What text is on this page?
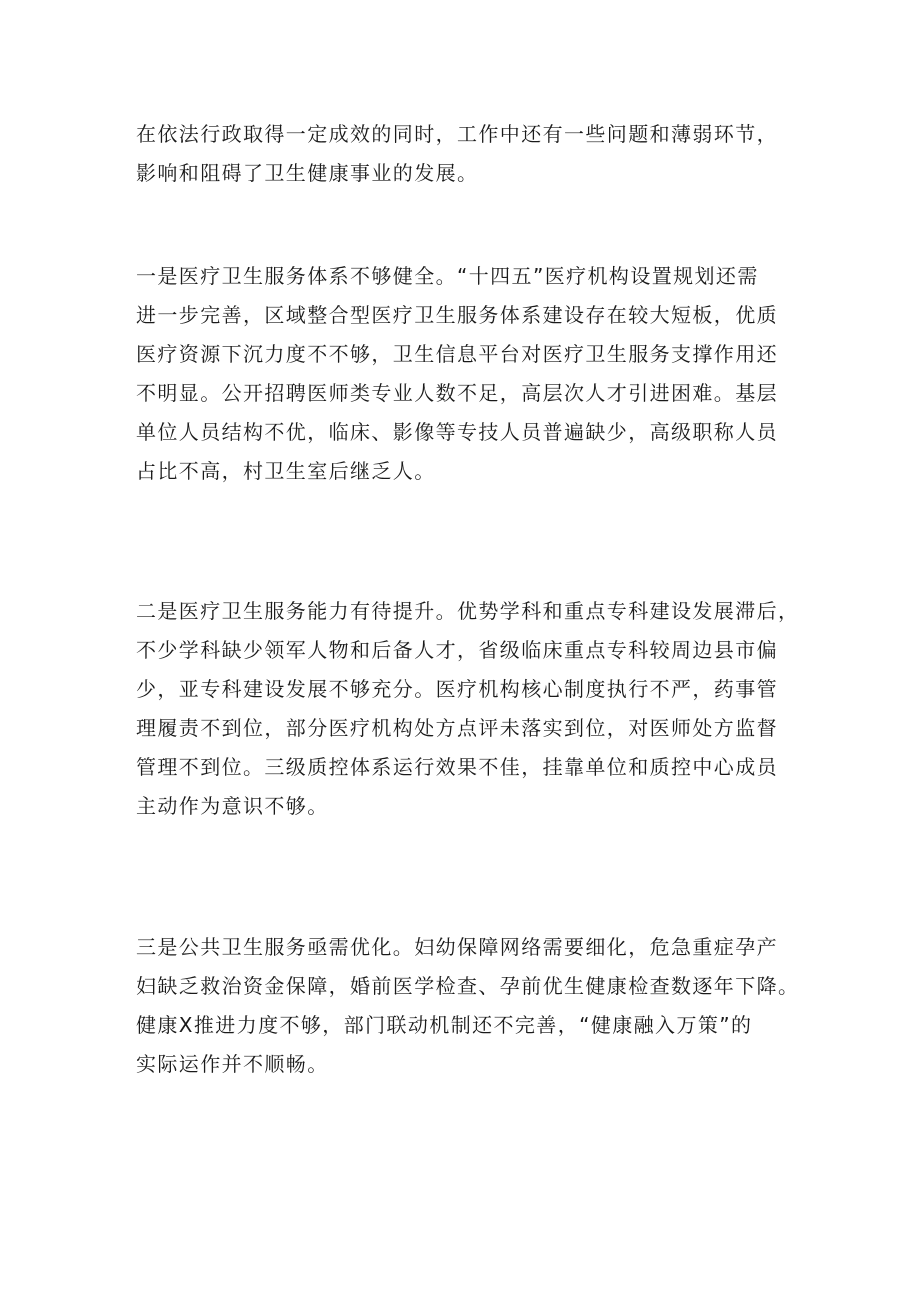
在依法行政取得一定成效的同时，工作中还有一些问题和薄弱环节，
影响和阻碍了卫生健康事业的发展。

一是医疗卫生服务体系不够健全。“十四五”医疗机构设置规划还需
进一步完善，区域整合型医疗卫生服务体系建设存在较大短板，优质
医疗资源下沉力度不不够，卫生信息平台对医疗卫生服务支撑作用还
不明显。公开招聘医师类专业人数不足，高层次人才引进困难。基层
单位人员结构不优，临床、影像等专技人员普遍缺少，高级职称人员
占比不高，村卫生室后继乏人。

二是医疗卫生服务能力有待提升。优势学科和重点专科建设发展滞后，
不少学科缺少领军人物和后备人才，省级临床重点专科较周边县市偏
少，亚专科建设发展不够充分。医疗机构核心制度执行不严，药事管
理履责不到位，部分医疗机构处方点评未落实到位，对医师处方监督
管理不到位。三级质控体系运行效果不佳，挂靠单位和质控中心成员
主动作为意识不够。

三是公共卫生服务亟需优化。妇幼保障网络需要细化，危急重症孕产
妇缺乏救治资金保障，婚前医学检查、孕前优生健康检查数逐年下降。
健康X推进力度不够，部门联动机制还不完善，“健康融入万策”的
实际运作并不顺畅。
